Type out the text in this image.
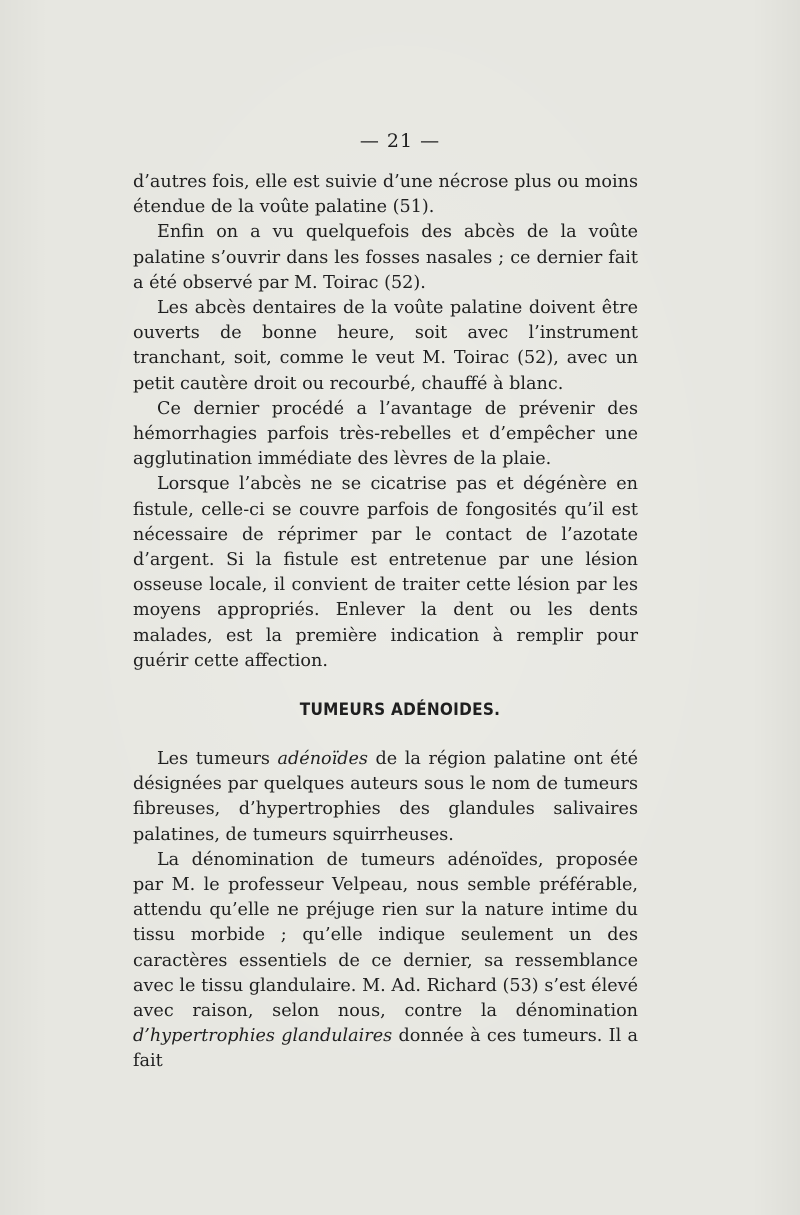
— 21 —

d’autres fois, elle est suivie d’une nécrose plus ou moins étendue de la voûte palatine (51).

Enfin on a vu quelquefois des abcès de la voûte palatine s’ouvrir dans les fosses nasales ; ce dernier fait a été observé par M. Toirac (52).

Les abcès dentaires de la voûte palatine doivent être ouverts de bonne heure, soit avec l’instrument tranchant, soit, comme le veut M. Toirac (52), avec un petit cautère droit ou recourbé, chauffé à blanc.

Ce dernier procédé a l’avantage de prévenir des hémorrhagies parfois très-rebelles et d’empêcher une agglutination immédiate des lèvres de la plaie.

Lorsque l’abcès ne se cicatrise pas et dégénère en fistule, celle-ci se couvre parfois de fongosités qu’il est nécessaire de réprimer par le contact de l’azotate d’argent. Si la fistule est entretenue par une lésion osseuse locale, il convient de traiter cette lésion par les moyens appropriés. Enlever la dent ou les dents malades, est la première indication à remplir pour guérir cette affection.

TUMEURS ADÉNOIDES.

Les tumeurs adénoïdes de la région palatine ont été désignées par quelques auteurs sous le nom de tumeurs fibreuses, d’hypertrophies des glandules salivaires palatines, de tumeurs squirrheuses.

La dénomination de tumeurs adénoïdes, proposée par M. le professeur Velpeau, nous semble préférable, attendu qu’elle ne préjuge rien sur la nature intime du tissu morbide ; qu’elle indique seulement un des caractères essentiels de ce dernier, sa ressemblance avec le tissu glandulaire. M. Ad. Richard (53) s’est élevé avec raison, selon nous, contre la dénomination d’hypertrophies glandulaires donnée à ces tumeurs. Il a fait
